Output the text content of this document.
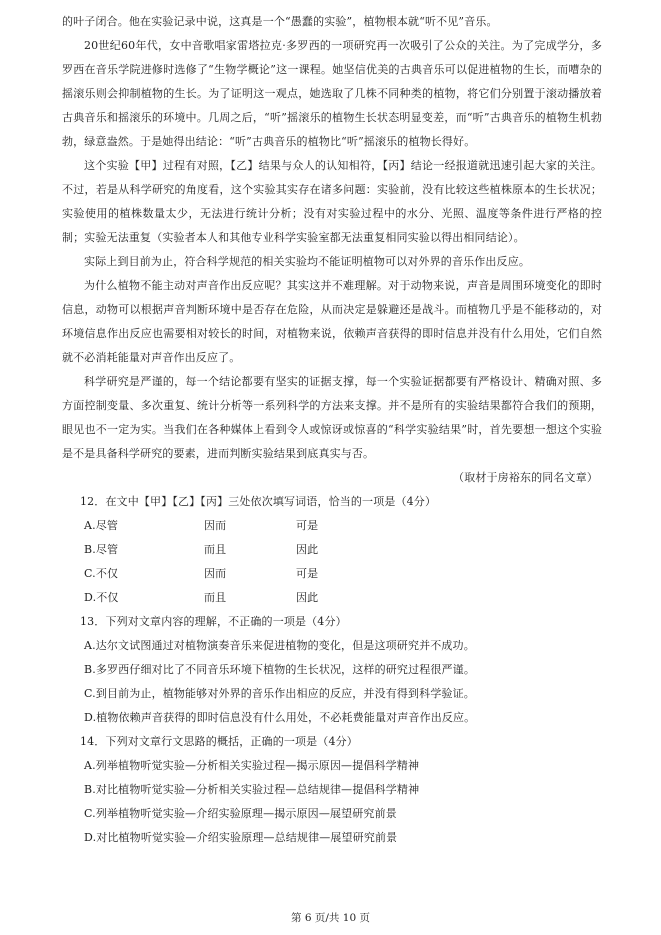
的叶子闭合。他在实验记录中说，这真是一个“愚蠢的实验”，植物根本就“听不见”音乐。

20世纪60年代，女中音歌唱家雷塔拉克·多罗西的一项研究再一次吸引了公众的关注。为了完成学分，多罗西在音乐学院进修时选修了“生物学概论”这一课程。她坚信优美的古典音乐可以促进植物的生长，而嘈杂的摇滚乐则会抑制植物的生长。为了证明这一观点，她选取了几株不同种类的植物，将它们分别置于滚动播放着古典音乐和摇滚乐的环境中。几周之后，“听”摇滚乐的植物生长状态明显变差，而“听”古典音乐的植物生机勃勃，绿意盎然。于是她得出结论：“听”古典音乐的植物比“听”摇滚乐的植物长得好。

这个实验【甲】过程有对照，【乙】结果与众人的认知相符，【丙】结论一经报道就迅速引起大家的关注。不过，若是从科学研究的角度看，这个实验其实存在诸多问题：实验前，没有比较这些植株原本的生长状况；实验使用的植株数量太少，无法进行统计分析；没有对实验过程中的水分、光照、温度等条件进行严格的控制；实验无法重复（实验者本人和其他专业科学实验室都无法重复相同实验以得出相同结论）。

实际上到目前为止，符合科学规范的相关实验均不能证明植物可以对外界的音乐作出反应。

为什么植物不能主动对声音作出反应呢？其实这并不难理解。对于动物来说，声音是周围环境变化的即时信息，动物可以根据声音判断环境中是否存在危险，从而决定是躲避还是战斗。而植物几乎是不能移动的，对环境信息作出反应也需要相对较长的时间，对植物来说，依赖声音获得的即时信息并没有什么用处，它们自然就不必消耗能量对声音作出反应了。

科学研究是严谨的，每一个结论都要有坚实的证据支撑，每一个实验证据都要有严格设计、精确对照、多方面控制变量、多次重复、统计分析等一系列科学的方法来支撑。并不是所有的实验结果都符合我们的预期，眼见也不一定为实。当我们在各种媒体上看到令人或惊讶或惊喜的“科学实验结果”时，首先要想一想这个实验是不是具备科学研究的要素，进而判断实验结果到底真实与否。

（取材于房裕东的同名文章）

12．在文中【甲】【乙】【丙】三处依次填写词语，恰当的一项是（4分）

A.尽管	因而	可是
B.尽管	而且	因此
C.不仅	因而	可是
D.不仅	而且	因此

13．下列对文章内容的理解，不正确的一项是（4分）

A.达尔文试图通过对植物演奏音乐来促进植物的变化，但是这项研究并不成功。
B.多罗西仔细对比了不同音乐环境下植物的生长状况，这样的研究过程很严谨。
C.到目前为止，植物能够对外界的音乐作出相应的反应，并没有得到科学验证。
D.植物依赖声音获得的即时信息没有什么用处，不必耗费能量对声音作出反应。

14．下列对文章行文思路的概括，正确的一项是（4分）

A.列举植物听觉实验—分析相关实验过程—揭示原因—提倡科学精神
B.对比植物听觉实验—分析相关实验过程—总结规律—提倡科学精神
C.列举植物听觉实验—介绍实验原理—揭示原因—展望研究前景
D.对比植物听觉实验—介绍实验原理—总结规律—展望研究前景
第 6 页/共 10 页
